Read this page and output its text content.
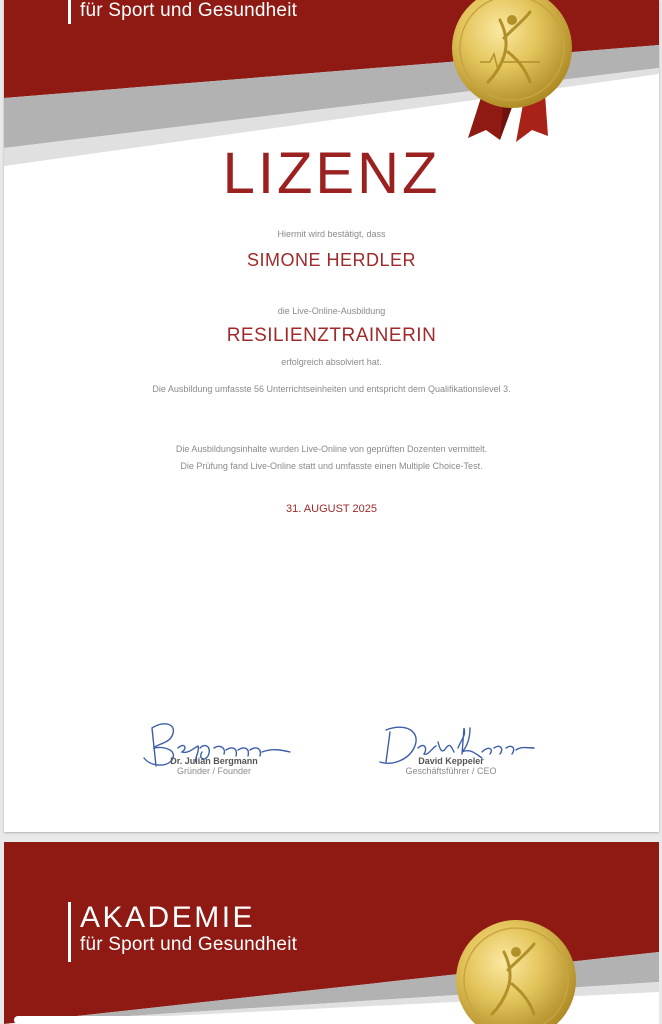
für Sport und Gesundheit
LIZENZ
Hiermit wird bestätigt, dass
SIMONE HERDLER
die Live-Online-Ausbildung
RESILIENZTRAINERIN
erfolgreich absolviert hat.
Die Ausbildung umfasste 56 Unterrichtseinheiten und entspricht dem Qualifikationslevel 3.
Die Ausbildungsinhalte wurden Live-Online von geprüften Dozenten vermittelt.
Die Prüfung fand Live-Online statt und umfasste einen Multiple Choice-Test.
31. AUGUST 2025
Dr. Julian Bergmann
Gründer / Founder
David Keppeler
Geschäftsführer / CEO
AKADEMIE
für Sport und Gesundheit
